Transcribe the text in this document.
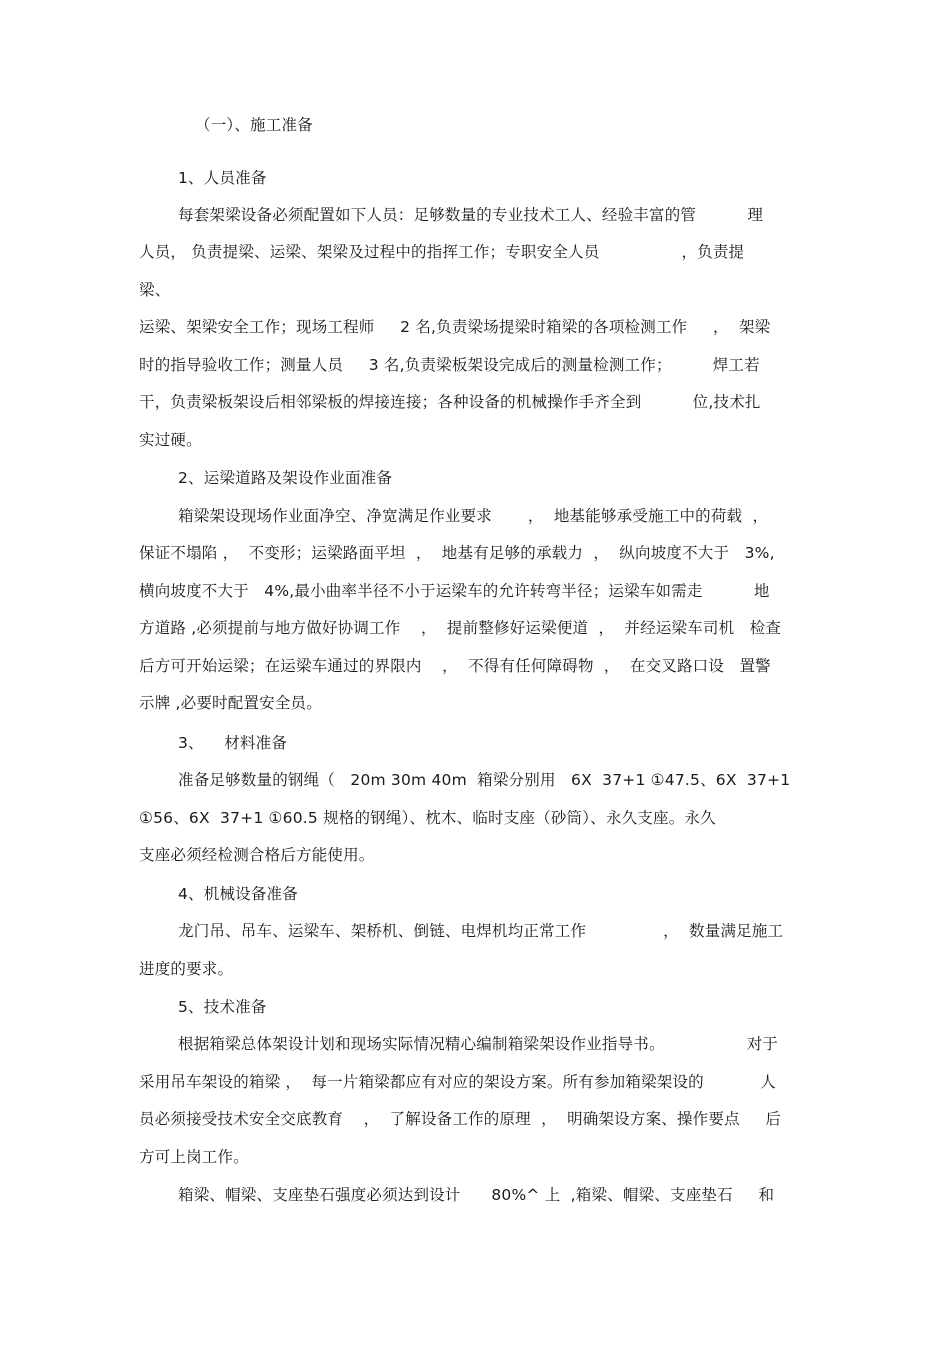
（一）、施工准备
1、人员准备
每套架梁设备必须配置如下人员：足够数量的专业技术工人、经验丰富的管          理
人员， 负责提梁、运梁、架梁及过程中的指挥工作；专职安全人员                ，负责提
梁、
运梁、架梁安全工作；现场工程师     2 名,负责梁场提梁时箱梁的各项检测工作     ，  架梁
时的指导验收工作；测量人员     3 名,负责梁板架设完成后的测量检测工作；        焊工若
干，负责梁板架设后相邻梁板的焊接连接；各种设备的机械操作手齐全到          位,技术扎
实过硬。
2、运梁道路及架设作业面准备
箱梁架设现场作业面净空、净宽满足作业要求       ，  地基能够承受施工中的荷载  ，
保证不塌陷 ，  不变形；运梁路面平坦  ，  地基有足够的承载力  ，  纵向坡度不大于   3%,
横向坡度不大于   4%,最小曲率半径不小于运梁车的允许转弯半径；运梁车如需走          地
方道路 ,必须提前与地方做好协调工作    ，  提前整修好运梁便道  ，  并经运梁车司机   检查
后方可开始运梁；在运梁车通过的界限内    ，  不得有任何障碍物  ，  在交叉路口设   置警
示牌 ,必要时配置安全员。
3、    材料准备
准备足够数量的钢绳（   20m 30m 40m  箱梁分别用   6X  37+1 ①47.5、6X  37+1
①56、6X  37+1 ①60.5 规格的钢绳）、枕木、临时支座（砂筒）、永久支座。永久
支座必须经检测合格后方能使用。
4、机械设备准备
龙门吊、吊车、运梁车、架桥机、倒链、电焊机均正常工作               ，  数量满足施工
进度的要求。
5、技术准备
根据箱梁总体架设计划和现场实际情况精心编制箱梁架设作业指导书。                对于
采用吊车架设的箱梁 ，  每一片箱梁都应有对应的架设方案。所有参加箱梁架设的           人
员必须接受技术安全交底教育    ，  了解设备工作的原理  ，  明确架设方案、操作要点     后
方可上岗工作。
箱梁、帽梁、支座垫石强度必须达到设计      80%^ 上  ,箱梁、帽梁、支座垫石     和
